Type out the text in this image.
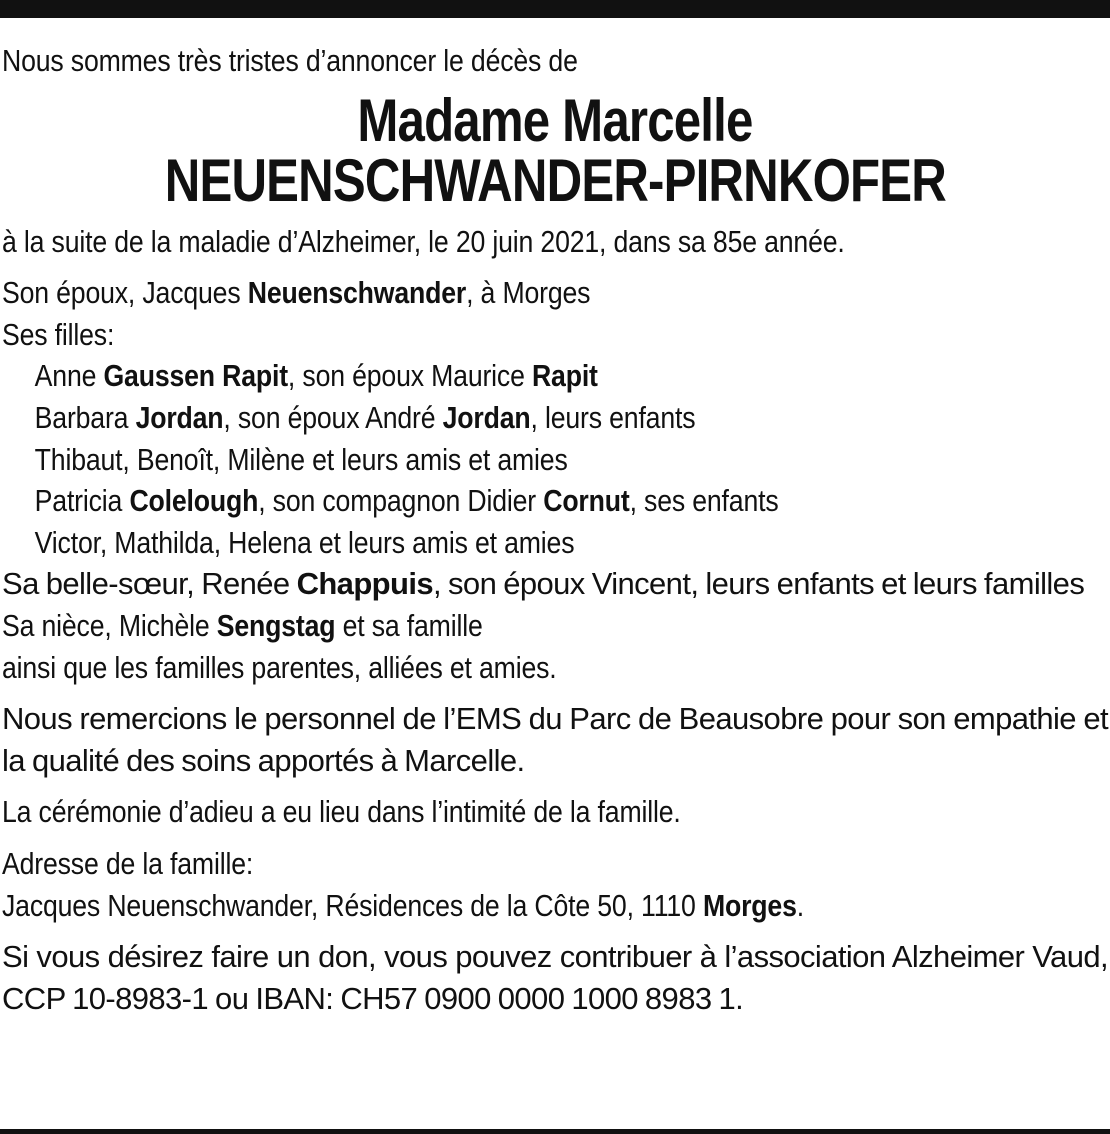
Nous sommes très tristes d’annoncer le décès de
Madame Marcelle
NEUENSCHWANDER-PIRNKOFER
à la suite de la maladie d’Alzheimer, le 20 juin 2021, dans sa 85e année.
Son époux, Jacques Neuenschwander, à Morges
Ses filles:
Anne Gaussen Rapit, son époux Maurice Rapit
Barbara Jordan, son époux André Jordan, leurs enfants
Thibaut, Benoît, Milène et leurs amis et amies
Patricia Colelough, son compagnon Didier Cornut, ses enfants
Victor, Mathilda, Helena et leurs amis et amies
Sa belle-sœur, Renée Chappuis, son époux Vincent, leurs enfants et leurs familles
Sa nièce, Michèle Sengstag et sa famille
ainsi que les familles parentes, alliées et amies.
Nous remercions le personnel de l’EMS du Parc de Beausobre pour son empathie et la qualité des soins apportés à Marcelle.
La cérémonie d’adieu a eu lieu dans l’intimité de la famille.
Adresse de la famille:
Jacques Neuenschwander, Résidences de la Côte 50, 1110 Morges.
Si vous désirez faire un don, vous pouvez contribuer à l’association Alzheimer Vaud, CCP 10-8983-1 ou IBAN: CH57 0900 0000 1000 8983 1.
